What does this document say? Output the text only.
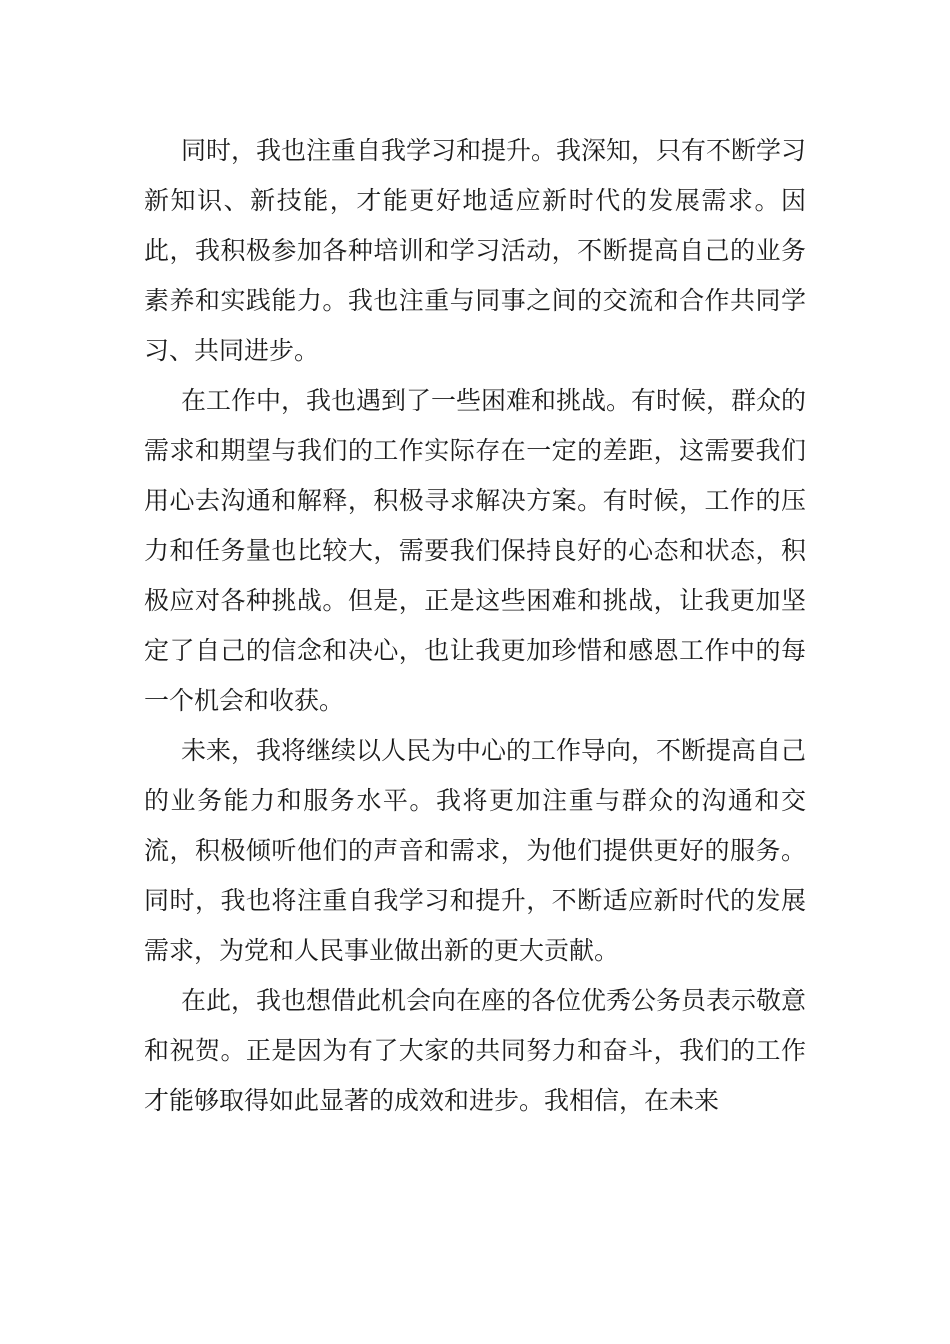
同时，我也注重自我学习和提升。我深知，只有不断学习新知识、新技能，才能更好地适应新时代的发展需求。因此，我积极参加各种培训和学习活动，不断提高自己的业务素养和实践能力。我也注重与同事之间的交流和合作共同学习、共同进步。

在工作中，我也遇到了一些困难和挑战。有时候，群众的需求和期望与我们的工作实际存在一定的差距，这需要我们用心去沟通和解释，积极寻求解决方案。有时候，工作的压力和任务量也比较大，需要我们保持良好的心态和状态，积极应对各种挑战。但是，正是这些困难和挑战，让我更加坚定了自己的信念和决心，也让我更加珍惜和感恩工作中的每一个机会和收获。

未来，我将继续以人民为中心的工作导向，不断提高自己的业务能力和服务水平。我将更加注重与群众的沟通和交流，积极倾听他们的声音和需求，为他们提供更好的服务。同时，我也将注重自我学习和提升，不断适应新时代的发展需求，为党和人民事业做出新的更大贡献。

在此，我也想借此机会向在座的各位优秀公务员表示敬意和祝贺。正是因为有了大家的共同努力和奋斗，我们的工作才能够取得如此显著的成效和进步。我相信，在未来
